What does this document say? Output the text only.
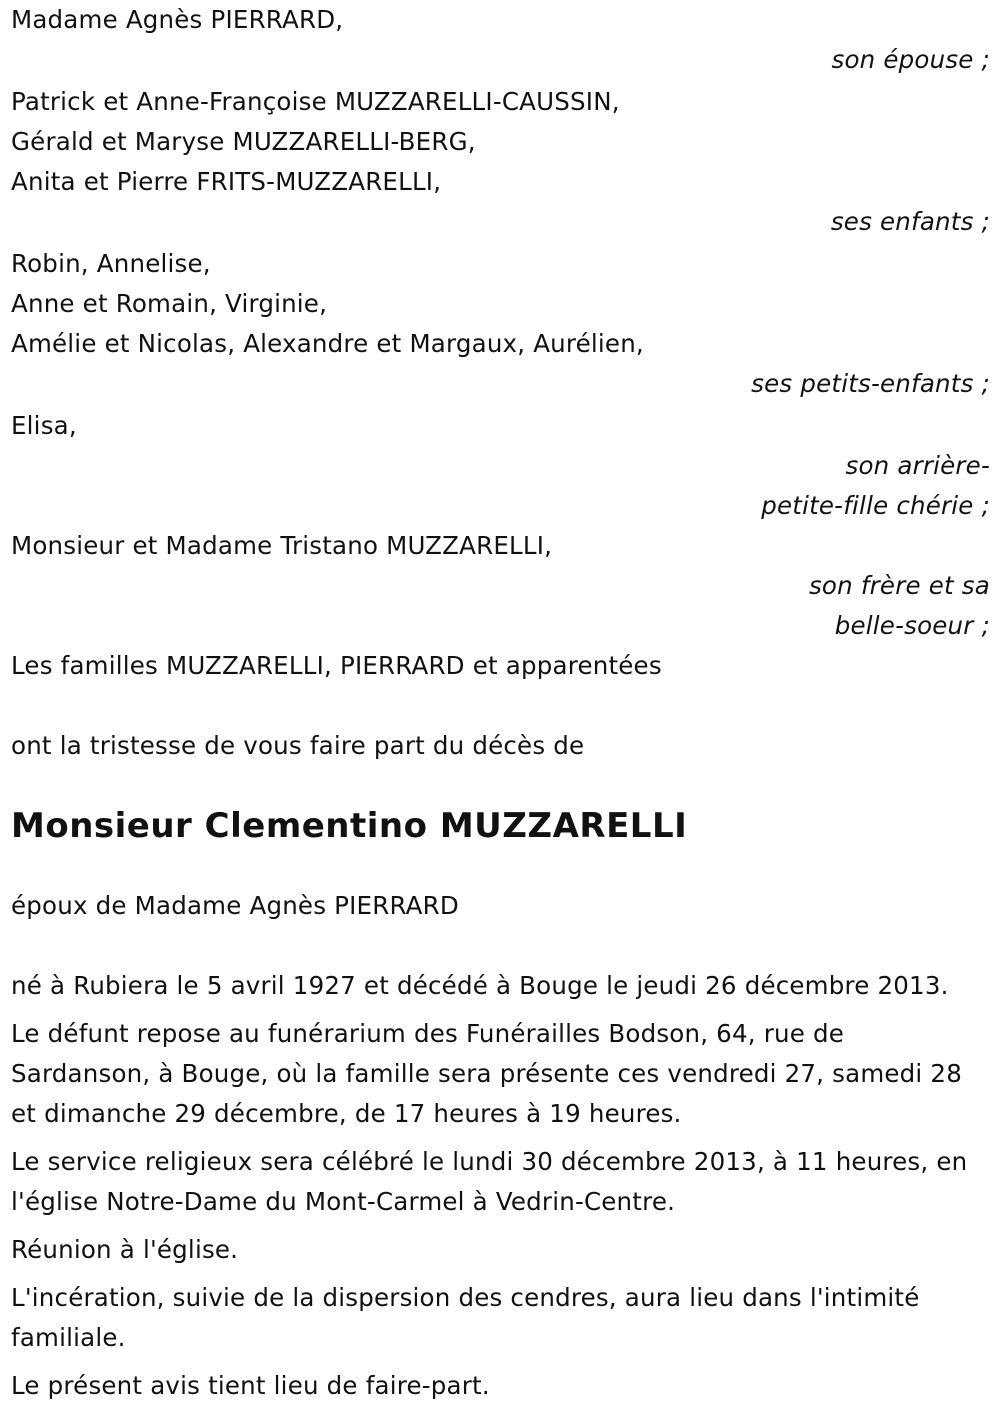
Madame Agnès PIERRARD,
son épouse ;
Patrick et Anne-Françoise MUZZARELLI-CAUSSIN,
Gérald et Maryse MUZZARELLI-BERG,
Anita et Pierre FRITS-MUZZARELLI,
ses enfants ;
Robin, Annelise,
Anne et Romain, Virginie,
Amélie et Nicolas, Alexandre et Margaux, Aurélien,
ses petits-enfants ;
Elisa,
son arrière-
petite-fille chérie ;
Monsieur et Madame Tristano MUZZARELLI,
son frère et sa
belle-soeur ;
Les familles MUZZARELLI, PIERRARD et apparentées
ont la tristesse de vous faire part du décès de
Monsieur Clementino MUZZARELLI
époux de Madame Agnès PIERRARD
né à Rubiera le 5 avril 1927 et décédé à Bouge le jeudi 26 décembre 2013.
Le défunt repose au funérarium des Funérailles Bodson, 64, rue de Sardanson, à Bouge, où la famille sera présente ces vendredi 27, samedi 28 et dimanche 29 décembre, de 17 heures à 19 heures.
Le service religieux sera célébré le lundi 30 décembre 2013, à 11 heures, en l'église Notre-Dame du Mont-Carmel à Vedrin-Centre.
Réunion à l'église.
L'incération, suivie de la dispersion des cendres, aura lieu dans l'intimité familiale.
Le présent avis tient lieu de faire-part.
